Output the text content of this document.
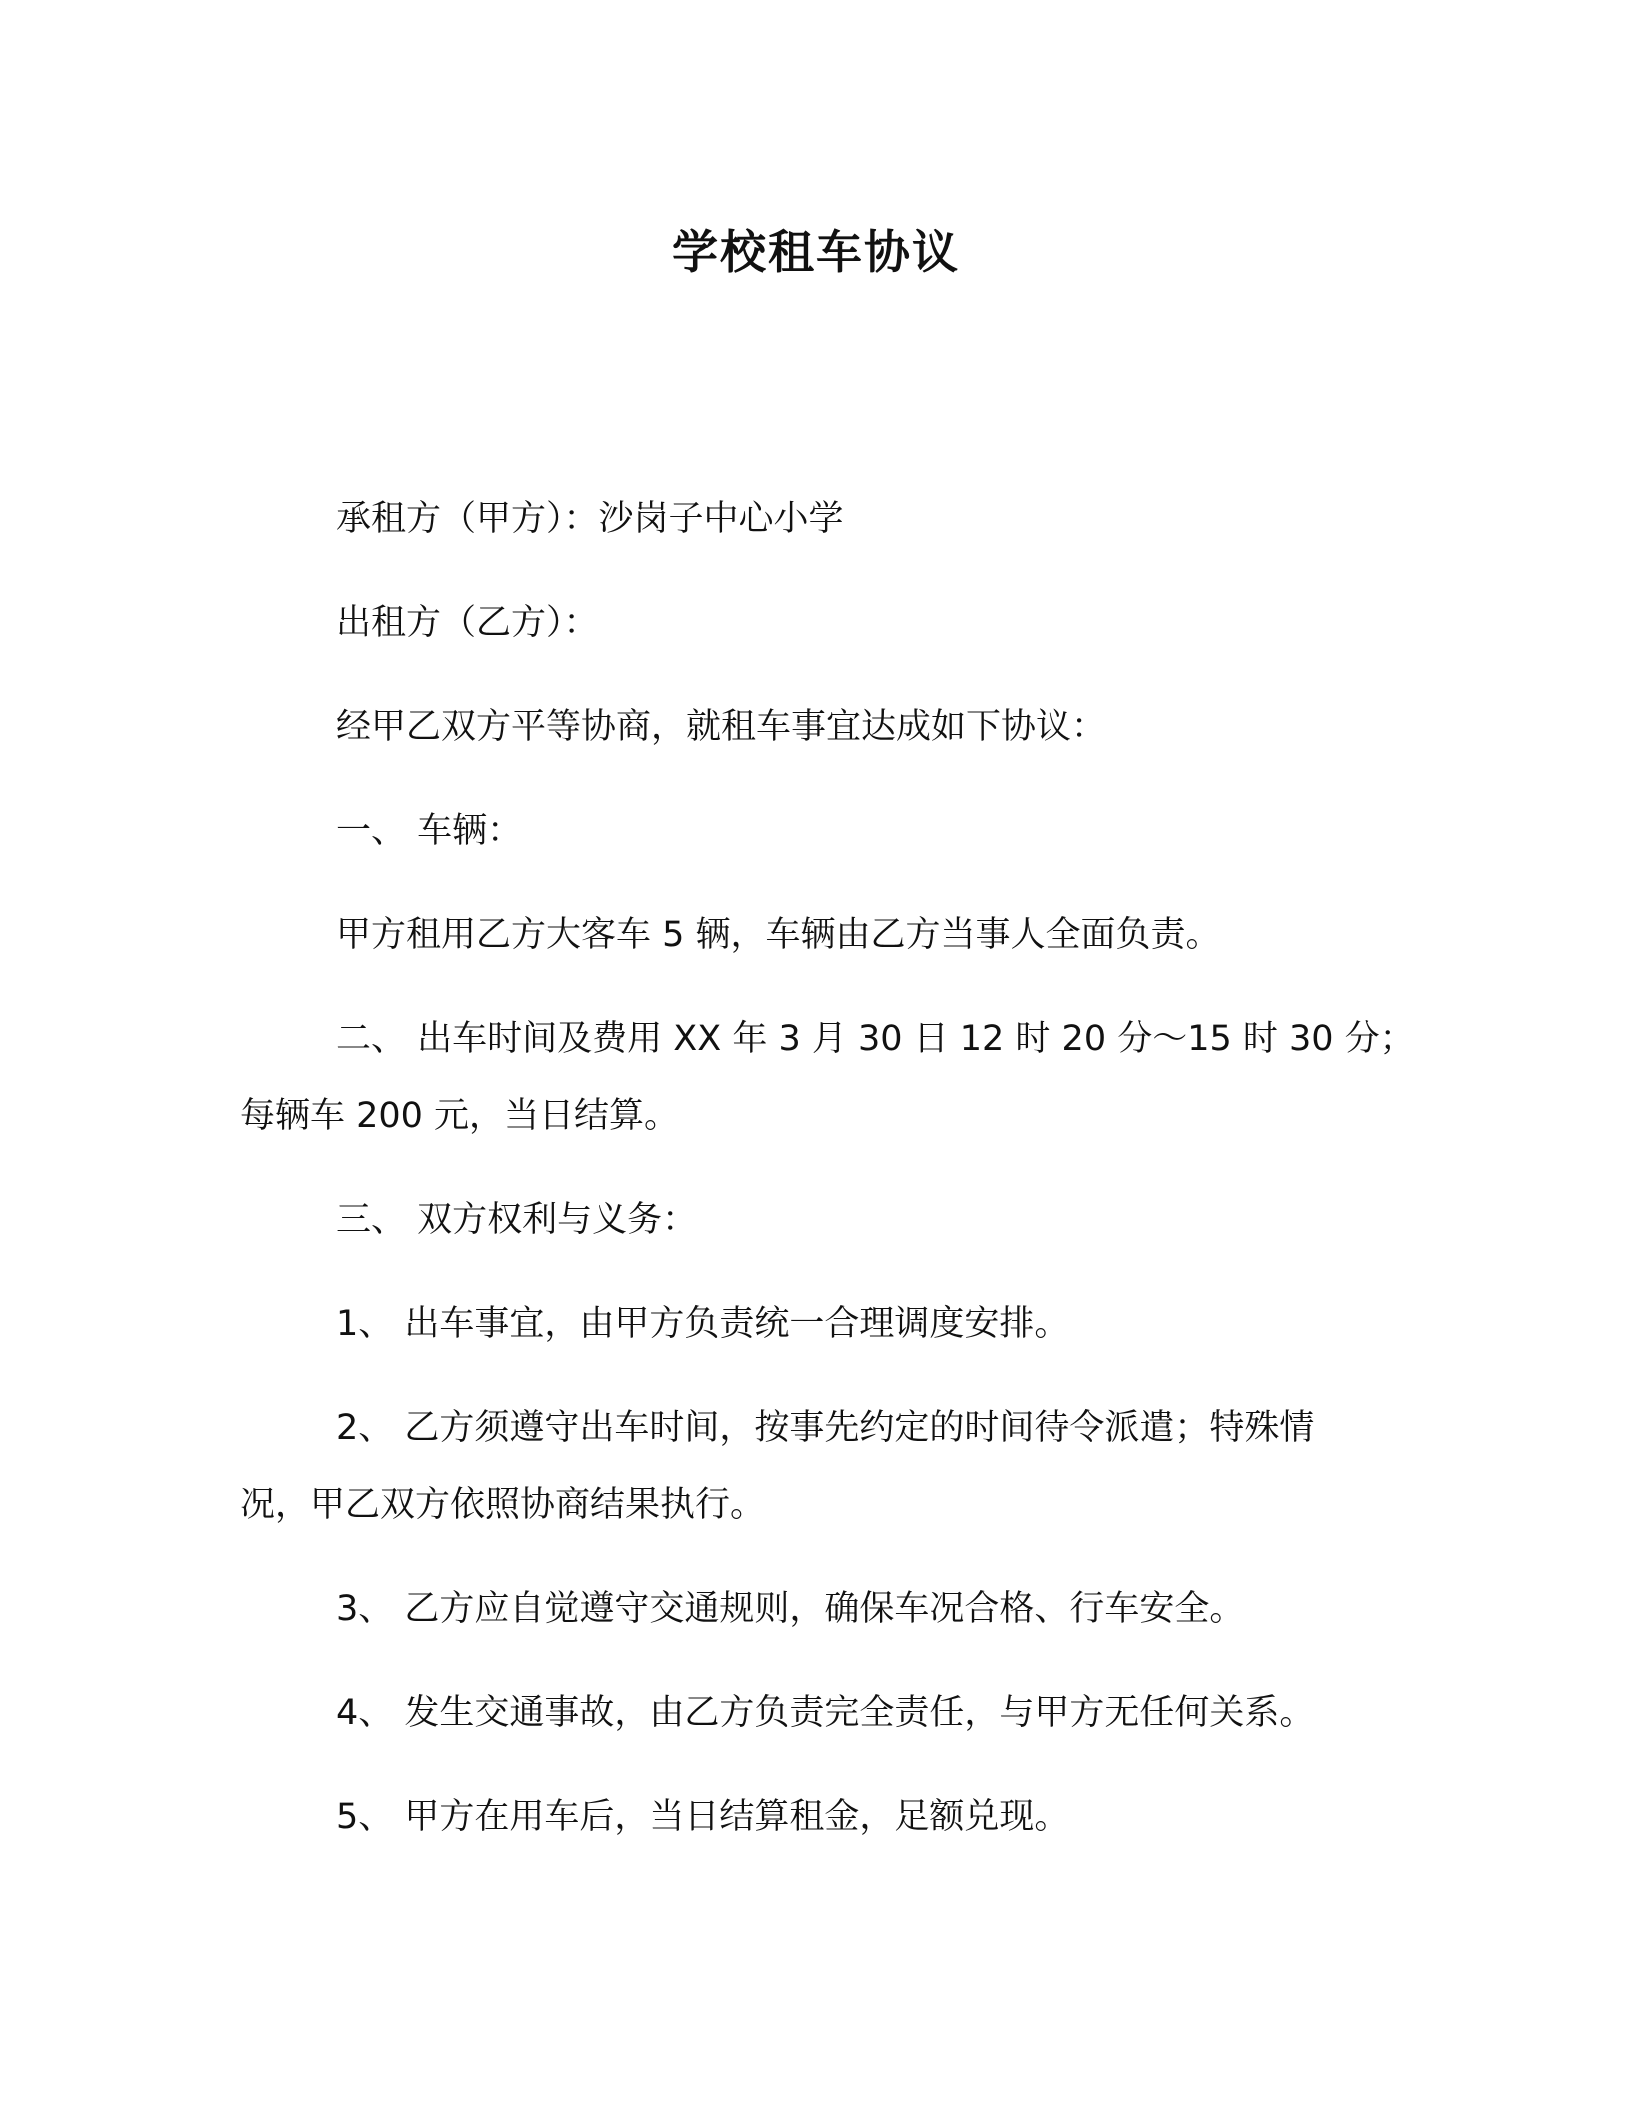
学校租车协议
承租方（甲方）：沙岗子中心小学
出租方（乙方）：
经甲乙双方平等协商，就租车事宜达成如下协议：
一、 车辆：
甲方租用乙方大客车 5 辆，车辆由乙方当事人全面负责。
二、 出车时间及费用 XX 年 3 月 30 日 12 时 20 分～15 时 30 分；
每辆车 200 元，当日结算。
三、 双方权利与义务：
1、 出车事宜，由甲方负责统一合理调度安排。
2、 乙方须遵守出车时间，按事先约定的时间待令派遣；特殊情
况，甲乙双方依照协商结果执行。
3、 乙方应自觉遵守交通规则，确保车况合格、行车安全。
4、 发生交通事故，由乙方负责完全责任，与甲方无任何关系。
5、 甲方在用车后，当日结算租金，足额兑现。
